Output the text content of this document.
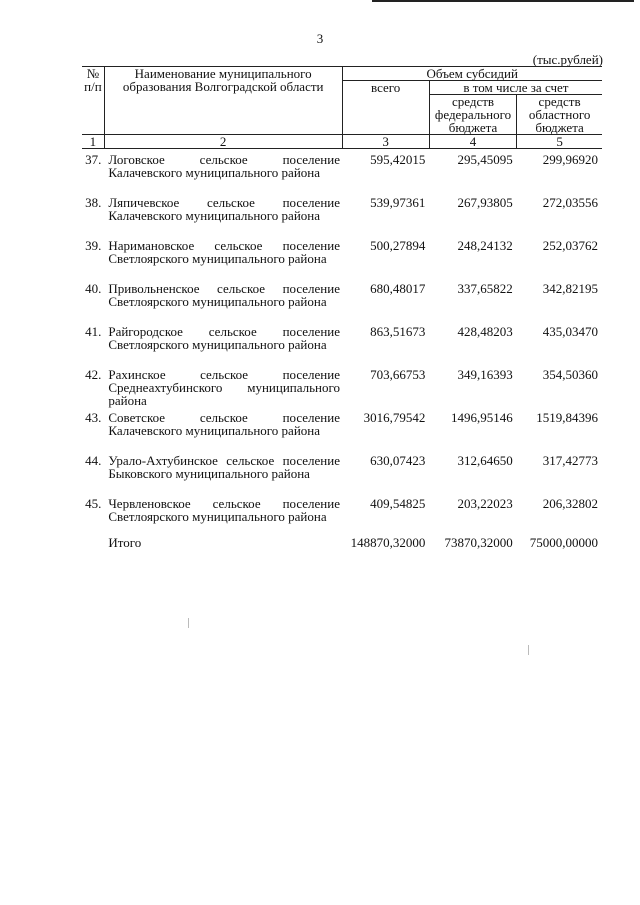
3
(тыс.рублей)
№ п/п	Наименование муниципального образования Волгоградской области	Объем субсидий		
		всего	в том числе за счет	
			средств федерального бюджета	средств областного бюджета
1	2	3	4	5
37.	Логовское сельское поселение Калачевского муниципального района	595,42015	295,45095	299,96920
38.	Ляпичевское сельское поселение Калачевского муниципального района	539,97361	267,93805	272,03556
39.	Наримановское сельское поселение Светлоярского муниципального района	500,27894	248,24132	252,03762
40.	Привольненское сельское поселение Светлоярского муниципального района	680,48017	337,65822	342,82195
41.	Райгородское сельское поселение Светлоярского муниципального района	863,51673	428,48203	435,03470
42.	Рахинское сельское поселение Среднеахтубинского муниципального района	703,66753	349,16393	354,50360
43.	Советское сельское поселение Калачевского муниципального района	3016,79542	1496,95146	1519,84396
44.	Урало-Ахтубинское сельское поселение Быковского муниципального района	630,07423	312,64650	317,42773
45.	Червленовское сельское поселение Светлоярского муниципального района	409,54825	203,22023	206,32802
	Итого	148870,32000	73870,32000	75000,00000
